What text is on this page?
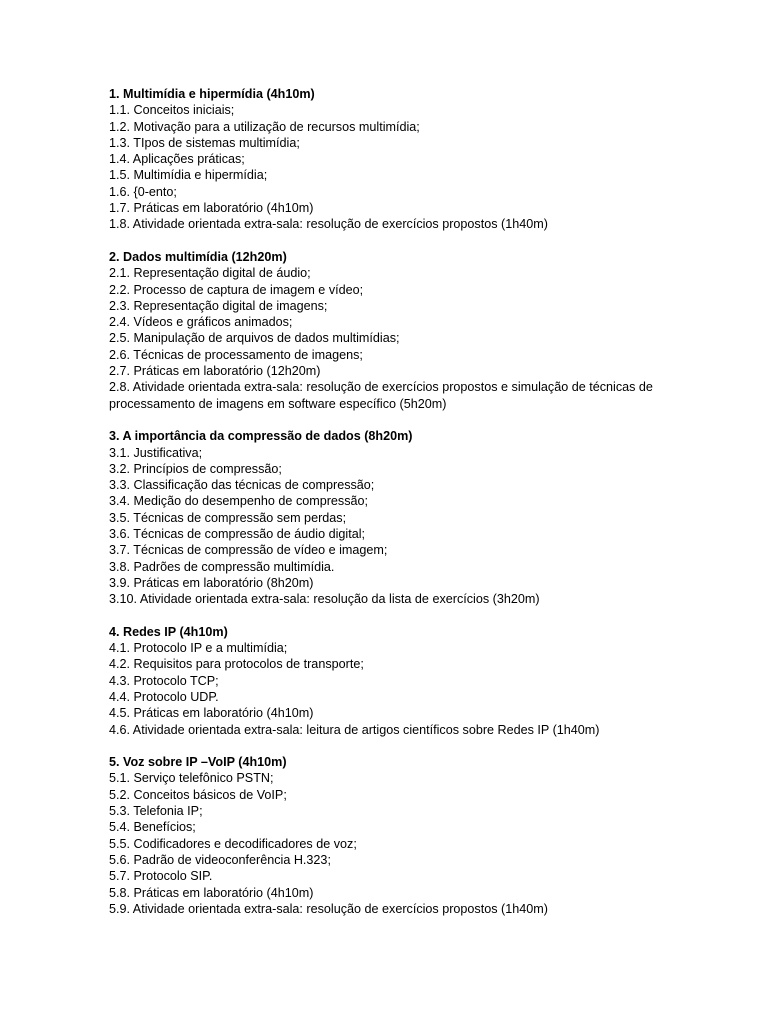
1. Multimídia e hipermídia (4h10m)
1.1. Conceitos iniciais;
1.2. Motivação para a utilização de recursos multimídia;
1.3. TIpos de sistemas multimídia;
1.4. Aplicações práticas;
1.5. Multimídia e hipermídia;
1.6. {0-ento;
1.7. Práticas em laboratório (4h10m)
1.8. Atividade orientada extra-sala: resolução de exercícios propostos (1h40m)
2. Dados multimídia (12h20m)
2.1. Representação digital de áudio;
2.2. Processo de captura de imagem e vídeo;
2.3. Representação digital de imagens;
2.4. Vídeos e gráficos animados;
2.5. Manipulação de arquivos de dados multimídias;
2.6. Técnicas de processamento de imagens;
2.7. Práticas em laboratório (12h20m)
2.8. Atividade orientada extra-sala: resolução de exercícios propostos e simulação de técnicas de processamento de imagens em software específico (5h20m)
3. A importância da compressão de dados (8h20m)
3.1. Justificativa;
3.2. Princípios de compressão;
3.3. Classificação das técnicas de compressão;
3.4. Medição do desempenho de compressão;
3.5. Técnicas de compressão sem perdas;
3.6. Técnicas de compressão de áudio digital;
3.7. Técnicas de compressão de vídeo e imagem;
3.8. Padrões de compressão multimídia.
3.9. Práticas em laboratório (8h20m)
3.10. Atividade orientada extra-sala: resolução da lista de exercícios (3h20m)
4. Redes IP (4h10m)
4.1. Protocolo IP e a multimídia;
4.2. Requisitos para protocolos de transporte;
4.3. Protocolo TCP;
4.4. Protocolo UDP.
4.5. Práticas em laboratório (4h10m)
4.6. Atividade orientada extra-sala: leitura de artigos científicos sobre Redes IP (1h40m)
5. Voz sobre IP –VoIP (4h10m)
5.1. Serviço telefônico PSTN;
5.2. Conceitos básicos de VoIP;
5.3. Telefonia IP;
5.4. Benefícios;
5.5. Codificadores e decodificadores de voz;
5.6. Padrão de videoconferência H.323;
5.7. Protocolo SIP.
5.8. Práticas em laboratório (4h10m)
5.9. Atividade orientada extra-sala: resolução de exercícios propostos (1h40m)
